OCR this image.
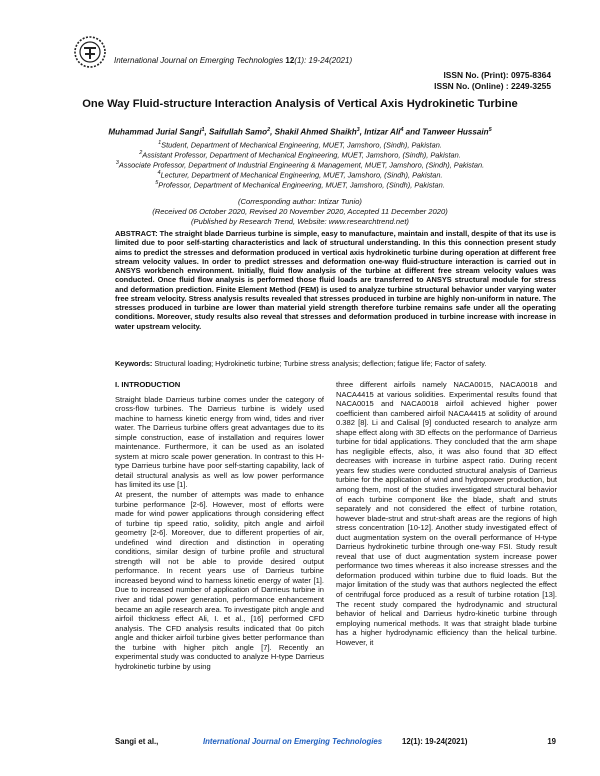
International Journal on Emerging Technologies 12(1): 19-24(2021)
ISSN No. (Print): 0975-8364
ISSN No. (Online) : 2249-3255
One Way Fluid-structure Interaction Analysis of Vertical Axis Hydrokinetic Turbine
Muhammad Jurial Sangi$^1$, Saifullah Samo$^2$, Shakil Ahmed Shaikh$^3$, Intizar Ali$^4$ and Tanweer Hussain$^5$
$^1$Student, Department of Mechanical Engineering, MUET, Jamshoro, (Sindh), Pakistan.
$^2$Assistant Professor, Department of Mechanical Engineering, MUET, Jamshoro, (Sindh), Pakistan.
$^3$Associate Professor, Department of Industrial Engineering & Management, MUET, Jamshoro, (Sindh), Pakistan.
$^4$Lecturer, Department of Mechanical Engineering, MUET, Jamshoro, (Sindh), Pakistan.
$^5$Professor, Department of Mechanical Engineering, MUET, Jamshoro, (Sindh), Pakistan.
(Corresponding author: Intizar Tunio)
(Received 06 October 2020, Revised 20 November 2020, Accepted 11 December 2020)
(Published by Research Trend, Website: www.researchtrend.net)
ABSTRACT: The straight blade Darrieus turbine is simple, easy to manufacture, maintain and install, despite of that its use is limited due to poor self-starting characteristics and lack of structural understanding. In this this connection present study aims to predict the stresses and deformation produced in vertical axis hydrokinetic turbine during operation at different free stream velocity values. In order to predict stresses and deformation one-way fluid-structure interaction is carried out in ANSYS workbench environment. Initially, fluid flow analysis of the turbine at different free stream velocity values was conducted. Once fluid flow analysis is performed those fluid loads are transferred to ANSYS structural module for stress and deformation prediction. Finite Element Method (FEM) is used to analyze turbine structural behavior under varying water free stream velocity. Stress analysis results revealed that stresses produced in turbine are highly non-uniform in nature. The stresses produced in turbine are lower than material yield strength therefore turbine remains safe under all the operating conditions. Moreover, study results also reveal that stresses and deformation produced in turbine increase with increase in water upstream velocity.
Keywords: Structural loading; Hydrokinetic turbine; Turbine stress analysis; deflection; fatigue life; Factor of safety.
I. INTRODUCTION

Straight blade Darrieus turbine comes under the category of cross-flow turbines. The Darrieus turbine is widely used machine to harness kinetic energy from wind, tides and river water. The Darrieus turbine offers great advantages due to its simple construction, ease of installation and requires lower maintenance. Furthermore, it can be used as an isolated system at micro scale power generation. In contrast to this H-type Darrieus turbine have poor self-starting capability, lack of detail structural analysis as well as low power performance has limited its use [1].

At present, the number of attempts was made to enhance turbine performance [2-6]. However, most of efforts were made for wind power applications through considering effect of turbine tip speed ratio, solidity, pitch angle and airfoil geometry [2-6]. Moreover, due to different properties of air, undefined wind direction and distinction in operating conditions, similar design of turbine profile and structural strength will not be able to provide desired output performance. In recent years use of Darrieus turbine increased beyond wind to harness kinetic energy of water [1]. Due to increased number of application of Darrieus turbine in river and tidal power generation, performance enhancement became an agile research area. To investigate pitch angle and airfoil thickness effect Ali, I. et al., [16] performed CFD analysis. The CFD analysis results indicated that 0o pitch angle and thicker airfoil turbine gives better performance than the turbine with higher pitch angle [7]. Recently an experimental study was conducted to analyze H-type Darrieus hydrokinetic turbine by using

three different airfoils namely NACA0015, NACA0018 and NACA4415 at various solidities. Experimental results found that NACA0015 and NACA0018 airfoil achieved higher power coefficient than cambered airfoil NACA4415 at solidity of around 0.382 [8]. Li and Calisal [9] conducted research to analyze arm shape effect along with 3D effects on the performance of Darrieus turbine for tidal applications. They concluded that the arm shape has negligible effects, also, it was also found that 3D effect decreases with increase in turbine aspect ratio. During recent years few studies were conducted structural analysis of Darrieus turbine for the application of wind and hydropower production, but among them, most of the studies investigated structural behavior of each turbine component like the blade, shaft and struts separately and not considered the effect of turbine rotation, however blade-strut and strut-shaft areas are the regions of high stress concentration [10-12]. Another study investigated effect of duct augmentation system on the overall performance of H-type Darrieus hydrokinetic turbine through one-way FSI. Study result reveal that use of duct augmentation system increase power performance two times whereas it also increase stresses and the deformation produced within turbine due to fluid loads. But the major limitation of the study was that authors neglected the effect of centrifugal force produced as a result of turbine rotation [13]. The recent study compared the hydrodynamic and structural behavior of helical and Darrieus hydro-kinetic turbine through employing numerical methods. It was that straight blade turbine has a higher hydrodynamic efficiency than the helical turbine. However, it

Sangi et al.,	International Journal on Emerging Technologies	12(1): 19-24(2021)	19
